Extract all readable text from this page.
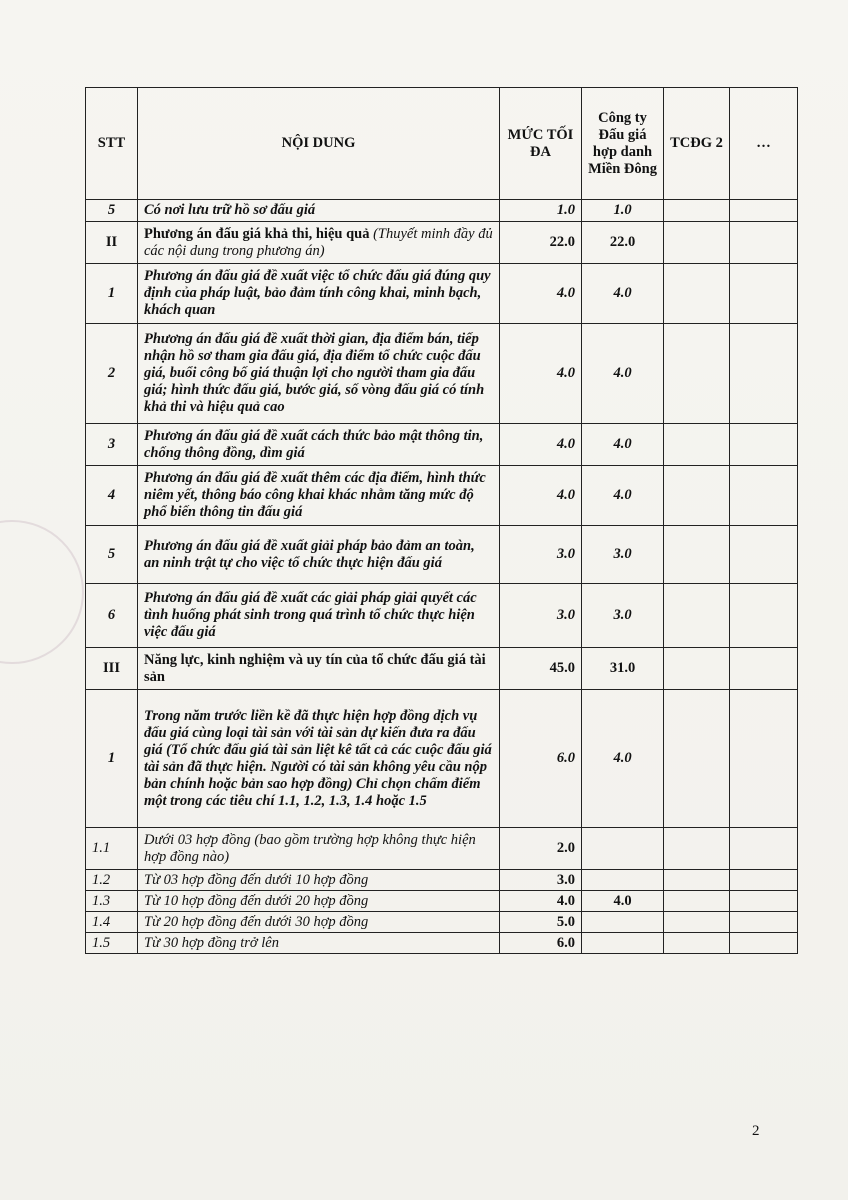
STT	NỘI DUNG	MỨC TỐI ĐA	Công ty Đấu giá hợp danh Miền Đông	TCĐG 2	…
5	Có nơi lưu trữ hồ sơ đấu giá	1.0	1.0		
II	Phương án đấu giá khả thi, hiệu quả (Thuyết minh đầy đủ các nội dung trong phương án)	22.0	22.0		
1	Phương án đấu giá đề xuất việc tổ chức đấu giá đúng quy định của pháp luật, bảo đảm tính công khai, minh bạch, khách quan	4.0	4.0		
2	Phương án đấu giá đề xuất thời gian, địa điểm bán, tiếp nhận hồ sơ tham gia đấu giá, địa điểm tổ chức cuộc đấu giá, buổi công bố giá thuận lợi cho người tham gia đấu giá; hình thức đấu giá, bước giá, số vòng đấu giá có tính khả thi và hiệu quả cao	4.0	4.0		
3	Phương án đấu giá đề xuất cách thức bảo mật thông tin, chống thông đồng, dìm giá	4.0	4.0		
4	Phương án đấu giá đề xuất thêm các địa điểm, hình thức niêm yết, thông báo công khai khác nhằm tăng mức độ phổ biến thông tin đấu giá	4.0	4.0		
5	Phương án đấu giá đề xuất giải pháp bảo đảm an toàn, an ninh trật tự cho việc tổ chức thực hiện đấu giá	3.0	3.0		
6	Phương án đấu giá đề xuất các giải pháp giải quyết các tình huống phát sinh trong quá trình tổ chức thực hiện việc đấu giá	3.0	3.0		
III	Năng lực, kinh nghiệm và uy tín của tổ chức đấu giá tài sản	45.0	31.0		
1	Trong năm trước liền kề đã thực hiện hợp đồng dịch vụ đấu giá cùng loại tài sản với tài sản dự kiến đưa ra đấu giá (Tổ chức đấu giá tài sản liệt kê tất cả các cuộc đấu giá tài sản đã thực hiện. Người có tài sản không yêu cầu nộp bản chính hoặc bản sao hợp đồng) Chỉ chọn chấm điểm một trong các tiêu chí 1.1, 1.2, 1.3, 1.4 hoặc 1.5	6.0	4.0		
1.1	Dưới 03 hợp đồng (bao gồm trường hợp không thực hiện hợp đồng nào)	2.0			
1.2	Từ 03 hợp đồng đến dưới 10 hợp đồng	3.0			
1.3	Từ 10 hợp đồng đến dưới 20 hợp đồng	4.0	4.0		
1.4	Từ 20 hợp đồng đến dưới 30 hợp đồng	5.0			
1.5	Từ 30 hợp đồng trở lên	6.0			
2
